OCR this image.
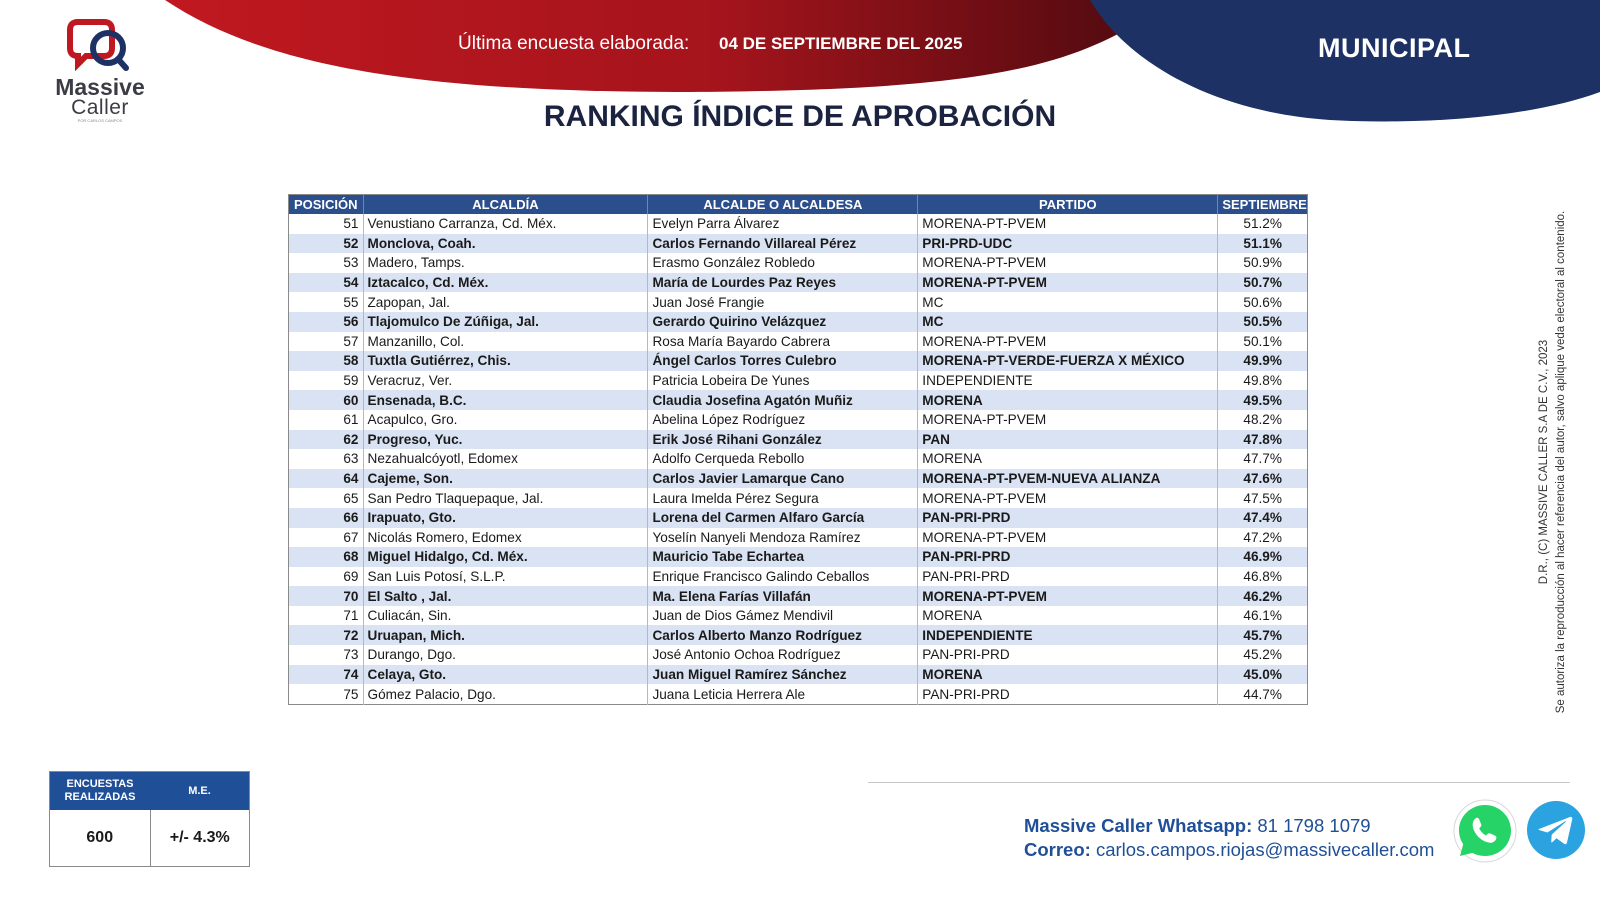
Massive
Caller
POR CARLOS CAMPOS
Última encuesta elaborada: 04 DE SEPTIEMBRE DEL 2025	MUNICIPAL
RANKING ÍNDICE DE APROBACIÓN
POSICIÓN	ALCALDÍA	ALCALDE O ALCALDESA	PARTIDO	SEPTIEMBRE
51	Venustiano Carranza, Cd. Méx.	Evelyn Parra Álvarez	MORENA-PT-PVEM	51.2%
52	Monclova, Coah.	Carlos Fernando Villareal Pérez	PRI-PRD-UDC	51.1%
53	Madero, Tamps.	Erasmo González Robledo	MORENA-PT-PVEM	50.9%
54	Iztacalco, Cd. Méx.	María de Lourdes Paz Reyes	MORENA-PT-PVEM	50.7%
55	Zapopan, Jal.	Juan José Frangie	MC	50.6%
56	Tlajomulco De Zúñiga, Jal.	Gerardo Quirino Velázquez	MC	50.5%
57	Manzanillo, Col.	Rosa María Bayardo Cabrera	MORENA-PT-PVEM	50.1%
58	Tuxtla Gutiérrez, Chis.	Ángel Carlos Torres Culebro	MORENA-PT-VERDE-FUERZA X MÉXICO	49.9%
59	Veracruz, Ver.	Patricia Lobeira De Yunes	INDEPENDIENTE	49.8%
60	Ensenada, B.C.	Claudia Josefina Agatón Muñiz	MORENA	49.5%
61	Acapulco, Gro.	Abelina López Rodríguez	MORENA-PT-PVEM	48.2%
62	Progreso, Yuc.	Erik José Rihani González	PAN	47.8%
63	Nezahualcóyotl, Edomex	Adolfo Cerqueda Rebollo	MORENA	47.7%
64	Cajeme, Son.	Carlos Javier Lamarque Cano	MORENA-PT-PVEM-NUEVA ALIANZA	47.6%
65	San Pedro Tlaquepaque, Jal.	Laura Imelda Pérez Segura	MORENA-PT-PVEM	47.5%
66	Irapuato, Gto.	Lorena del Carmen Alfaro García	PAN-PRI-PRD	47.4%
67	Nicolás Romero, Edomex	Yoselín Nanyeli Mendoza Ramírez	MORENA-PT-PVEM	47.2%
68	Miguel Hidalgo, Cd. Méx.	Mauricio Tabe Echartea	PAN-PRI-PRD	46.9%
69	San Luis Potosí, S.L.P.	Enrique Francisco Galindo Ceballos	PAN-PRI-PRD	46.8%
70	El Salto , Jal.	Ma. Elena Farías Villafán	MORENA-PT-PVEM	46.2%
71	Culiacán, Sin.	Juan de Dios Gámez Mendivil	MORENA	46.1%
72	Uruapan, Mich.	Carlos Alberto Manzo Rodríguez	INDEPENDIENTE	45.7%
73	Durango, Dgo.	José Antonio Ochoa Rodríguez	PAN-PRI-PRD	45.2%
74	Celaya, Gto.	Juan Miguel Ramírez Sánchez	MORENA	45.0%
75	Gómez Palacio, Dgo.	Juana Leticia Herrera Ale	PAN-PRI-PRD	44.7%
D.R., (C) MASSIVE CALLER S.A DE C.V., 2023 Se autoriza la reproducción al hacer referencia del autor, salvo aplique veda electoral al contenido.
ENCUESTAS
REALIZADAS	M.E.
600	+/- 4.3%
Massive Caller Whatsapp: 81 1798 1079
Correo: carlos.campos.riojas@massivecaller.com
